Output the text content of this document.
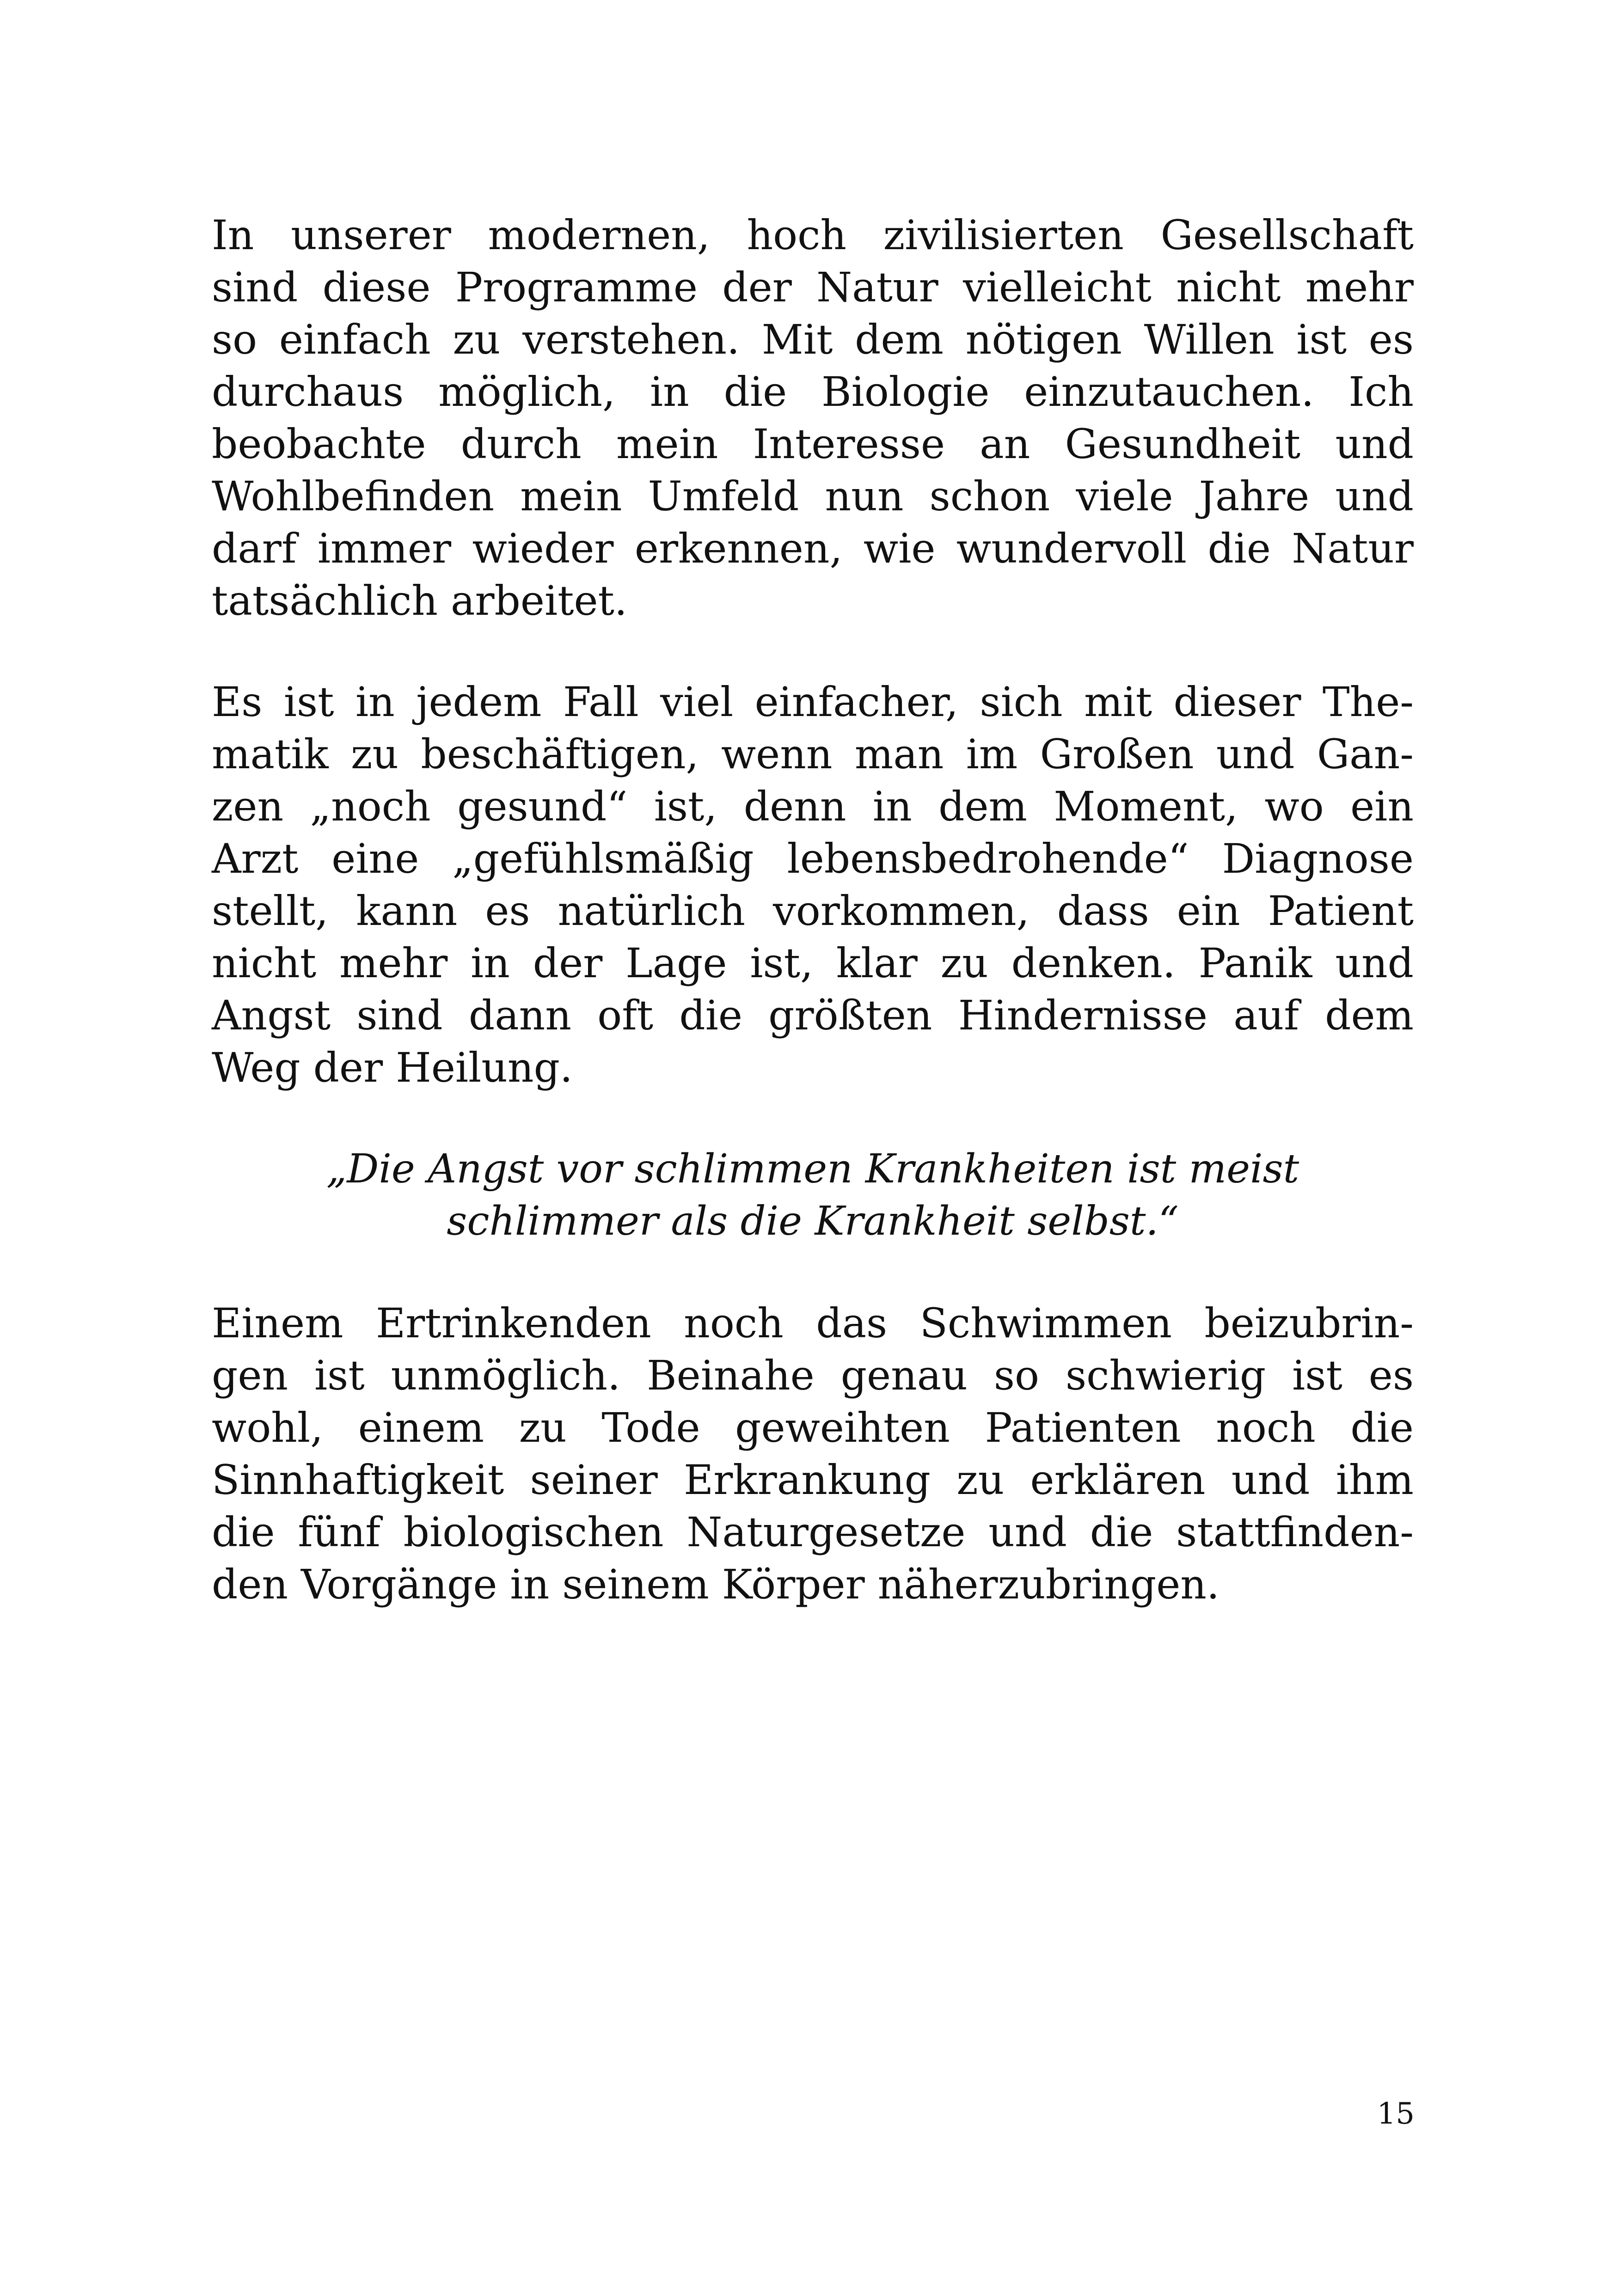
In unserer modernen, hoch zivilisierten Gesellschaft
sind diese Programme der Natur vielleicht nicht mehr
so einfach zu verstehen. Mit dem nötigen Willen ist es
durchaus möglich, in die Biologie einzutauchen. Ich
beobachte durch mein Interesse an Gesundheit und
Wohlbefinden mein Umfeld nun schon viele Jahre und
darf immer wieder erkennen, wie wundervoll die Natur
tatsächlich arbeitet.
Es ist in jedem Fall viel einfacher, sich mit dieser The-
matik zu beschäftigen, wenn man im Großen und Gan-
zen „noch gesund“ ist, denn in dem Moment, wo ein
Arzt eine „gefühlsmäßig lebensbedrohende“ Diagnose
stellt, kann es natürlich vorkommen, dass ein Patient
nicht mehr in der Lage ist, klar zu denken. Panik und
Angst sind dann oft die größten Hindernisse auf dem
Weg der Heilung.
„Die Angst vor schlimmen Krankheiten ist meist
schlimmer als die Krankheit selbst.“
Einem Ertrinkenden noch das Schwimmen beizubrin-
gen ist unmöglich. Beinahe genau so schwierig ist es
wohl, einem zu Tode geweihten Patienten noch die
Sinnhaftigkeit seiner Erkrankung zu erklären und ihm
die fünf biologischen Naturgesetze und die stattfinden-
den Vorgänge in seinem Körper näherzubringen.
15
